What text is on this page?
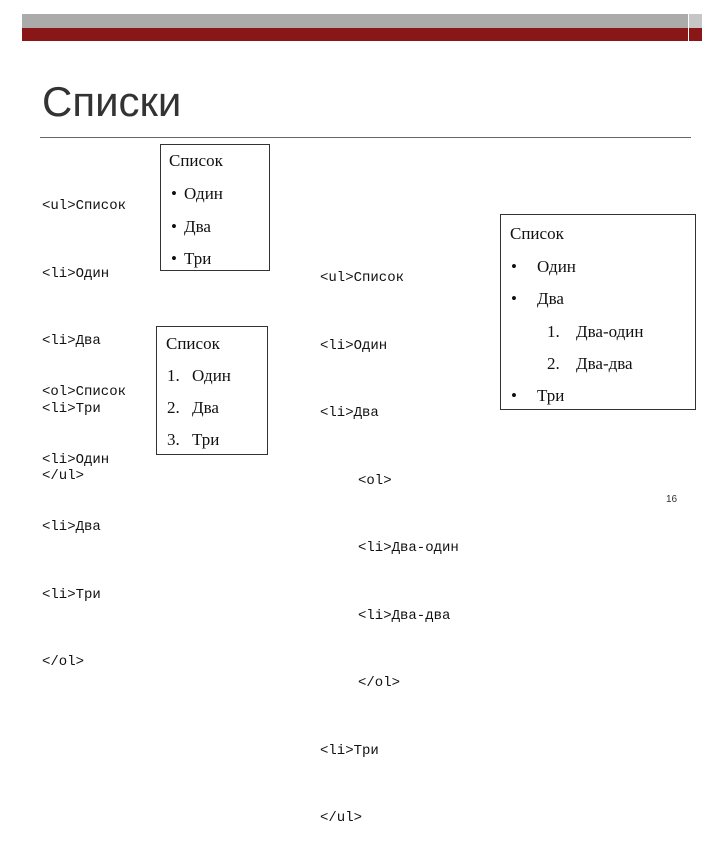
Списки

<ul>Список

<li>Один

<li>Два

<li>Три

</ul>

Список
• Один
• Два
• Три

<ol>Список

<li>Один

<li>Два

<li>Три

</ol>

Список
1. Один
2. Два
3. Три

<ul>Список

<li>Один

<li>Два

<ol>

<li>Два-один

<li>Два-два

</ol>

<li>Три

</ul>

Список
• Один
• Два
1. Два-один
2. Два-два
• Три
16
